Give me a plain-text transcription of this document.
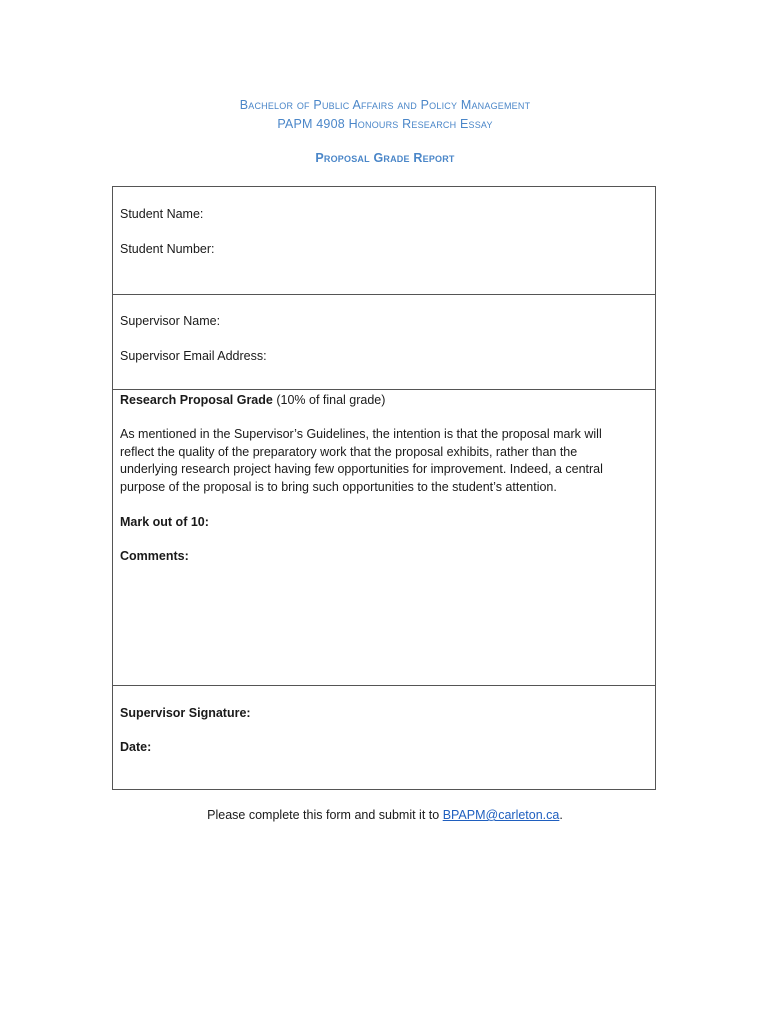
Bachelor of Public Affairs and Policy Management
PAPM 4908 Honours Research Essay
Proposal Grade Report
Student Name:
Student Number:
Supervisor Name:
Supervisor Email Address:
Research Proposal Grade (10% of final grade)
As mentioned in the Supervisor’s Guidelines, the intention is that the proposal mark will
reflect the quality of the preparatory work that the proposal exhibits, rather than the
underlying research project having few opportunities for improvement. Indeed, a central
purpose of the proposal is to bring such opportunities to the student’s attention.
Mark out of 10:
Comments:
Supervisor Signature:
Date:
Please complete this form and submit it to BPAPM@carleton.ca.
